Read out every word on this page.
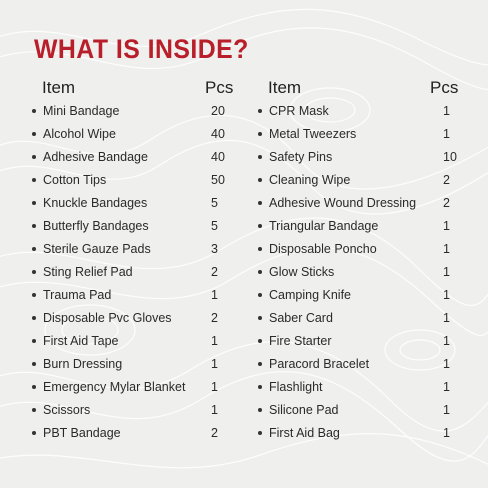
WHAT IS INSIDE?
Item	Pcs
Mini Bandage	20
Alcohol Wipe	40
Adhesive Bandage	40
Cotton Tips	50
Knuckle Bandages	5
Butterfly Bandages	5
Sterile Gauze Pads	3
Sting Relief Pad	2
Trauma Pad	1
Disposable Pvc Gloves	2
First Aid Tape	1
Burn Dressing	1
Emergency Mylar Blanket 1
Scissors	1
PBT Bandage	2
Item	Pcs
CPR Mask	1
Metal Tweezers	1
Safety Pins	10
Cleaning Wipe	2
Adhesive Wound Dressing 2
Triangular Bandage	1
Disposable Poncho	1
Glow Sticks	1
Camping Knife	1
Saber Card	1
Fire Starter	1
Paracord Bracelet	1
Flashlight	1
Silicone Pad	1
First Aid Bag	1
